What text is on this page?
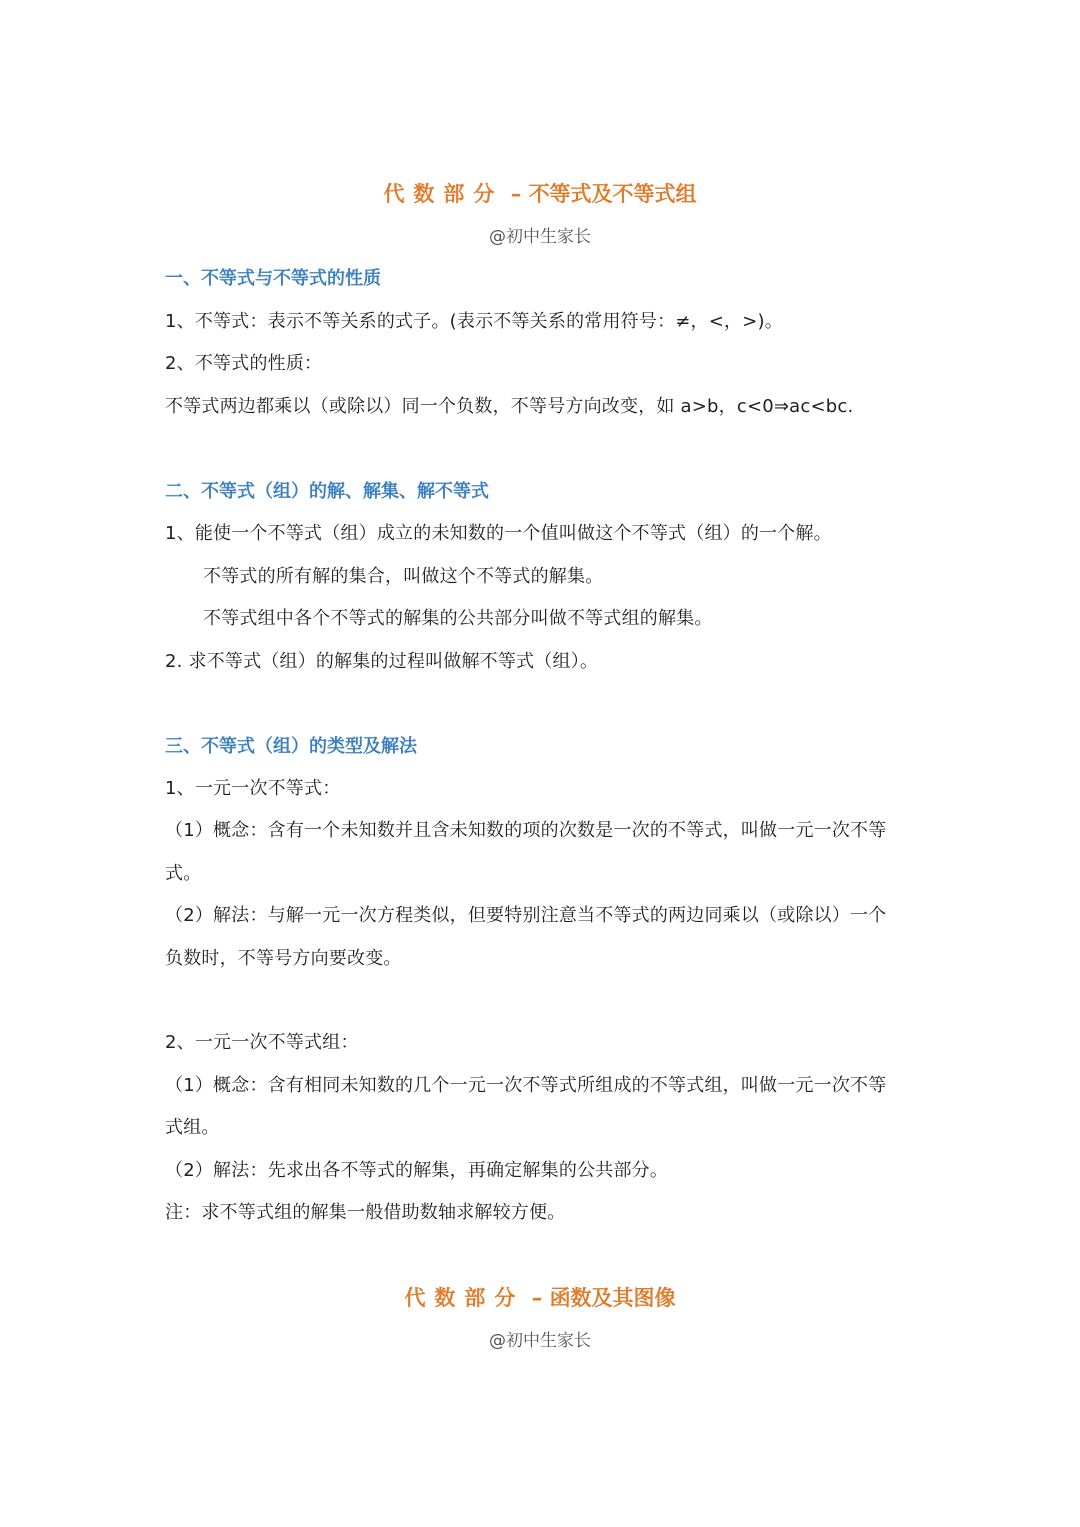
代数部分 – 不等式及不等式组
@初中生家长
一、不等式与不等式的性质
1、不等式：表示不等关系的式子。(表示不等关系的常用符号：≠，<，>)。
2、不等式的性质：
不等式两边都乘以（或除以）同一个负数，不等号方向改变，如 a>b，c<0⇒ac<bc.
二、不等式（组）的解、解集、解不等式
1、能使一个不等式（组）成立的未知数的一个值叫做这个不等式（组）的一个解。
不等式的所有解的集合，叫做这个不等式的解集。
不等式组中各个不等式的解集的公共部分叫做不等式组的解集。
2. 求不等式（组）的解集的过程叫做解不等式（组）。
三、不等式（组）的类型及解法
1、一元一次不等式：
（1）概念：含有一个未知数并且含未知数的项的次数是一次的不等式，叫做一元一次不等
式。
（2）解法：与解一元一次方程类似，但要特别注意当不等式的两边同乘以（或除以）一个
负数时，不等号方向要改变。
2、一元一次不等式组：
（1）概念：含有相同未知数的几个一元一次不等式所组成的不等式组，叫做一元一次不等
式组。
（2）解法：先求出各不等式的解集，再确定解集的公共部分。
注：求不等式组的解集一般借助数轴求解较方便。
代数部分 – 函数及其图像
@初中生家长
